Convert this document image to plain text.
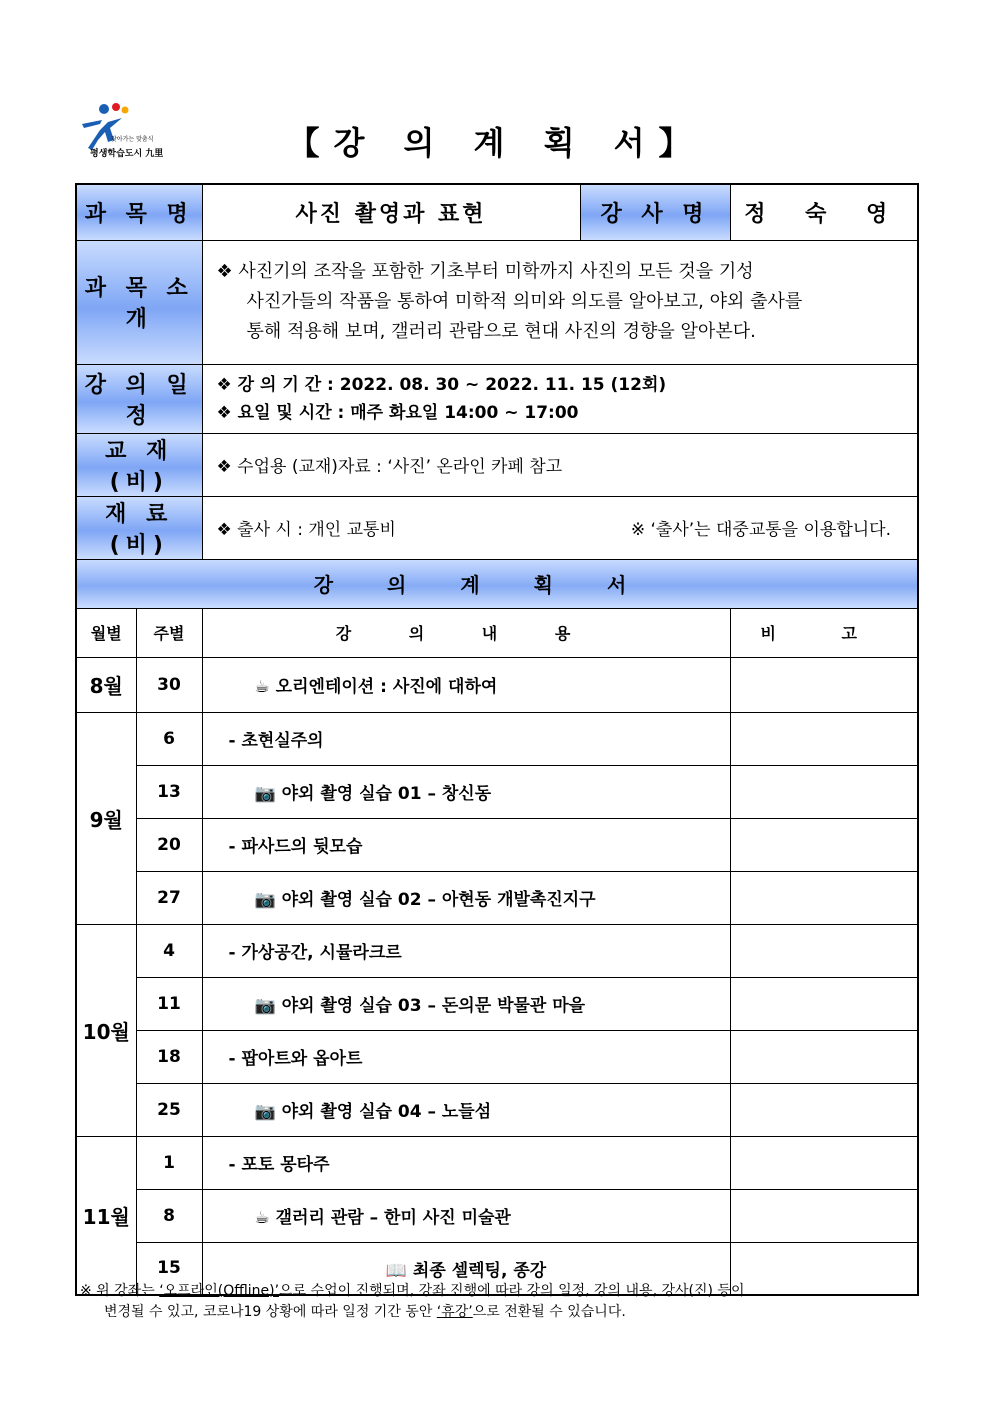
찾아가는 맞춤식
평생학습도시 九里	【강 의 계 획 서】
과 목 명		사진 촬영과 표현	강 사 명	정 숙 영
과 목 소 개		❖ 사진기의 조작을 포함한 기초부터 미학까지 사진의 모든 것을 기성
사진가들의 작품을 통하여 미학적 의미와 의도를 알아보고, 야외 출사를
통해 적용해 보며, 갤러리 관람으로 현대 사진의 경향을 알아본다.		

강 의 일 정		❖ 강 의 기 간 : 2022. 08. 30 ~ 2022. 11. 15 (12회)
❖ 요일 및 시간 : 매주 화요일 14:00 ~ 17:00		

교 재 (비)		❖ 수업용 (교재)자료 : ‘사진’ 온라인 카페 참고		
재 료 (비)		❖ 출사 시 : 개인 교통비 ※ ‘출사’는 대중교통을 이용합니다.		

강의계획서				
월별	주별	강 의 내 용		비 고
8월	30	☕ 오리엔테이션 : 사진에 대하여		
9월	6	- 초현실주의		
	13	📷 야외 촬영 실습 01 – 창신동		
	20	- 파사드의 뒷모습		
	27	📷 야외 촬영 실습 02 – 아현동 개발촉진지구		
10월	4	- 가상공간, 시뮬라크르		
	11	📷 야외 촬영 실습 03 – 돈의문 박물관 마을		
	18	- 팝아트와 옵아트		
	25	📷 야외 촬영 실습 04 – 노들섬		
11월	1	- 포토 몽타주		
	8	☕ 갤러리 관람 – 한미 사진 미술관		
	15	📖 최종 셀렉팅, 종강		
※ 위 강좌는 ‘오프라인(Offline)’으로 수업이 진행되며, 강좌 진행에 따라 강의 일정, 강의 내용, 강사(진) 등이
변경될 수 있고, 코로나19 상황에 따라 일정 기간 동안 ‘휴강’으로 전환될 수 있습니다.
